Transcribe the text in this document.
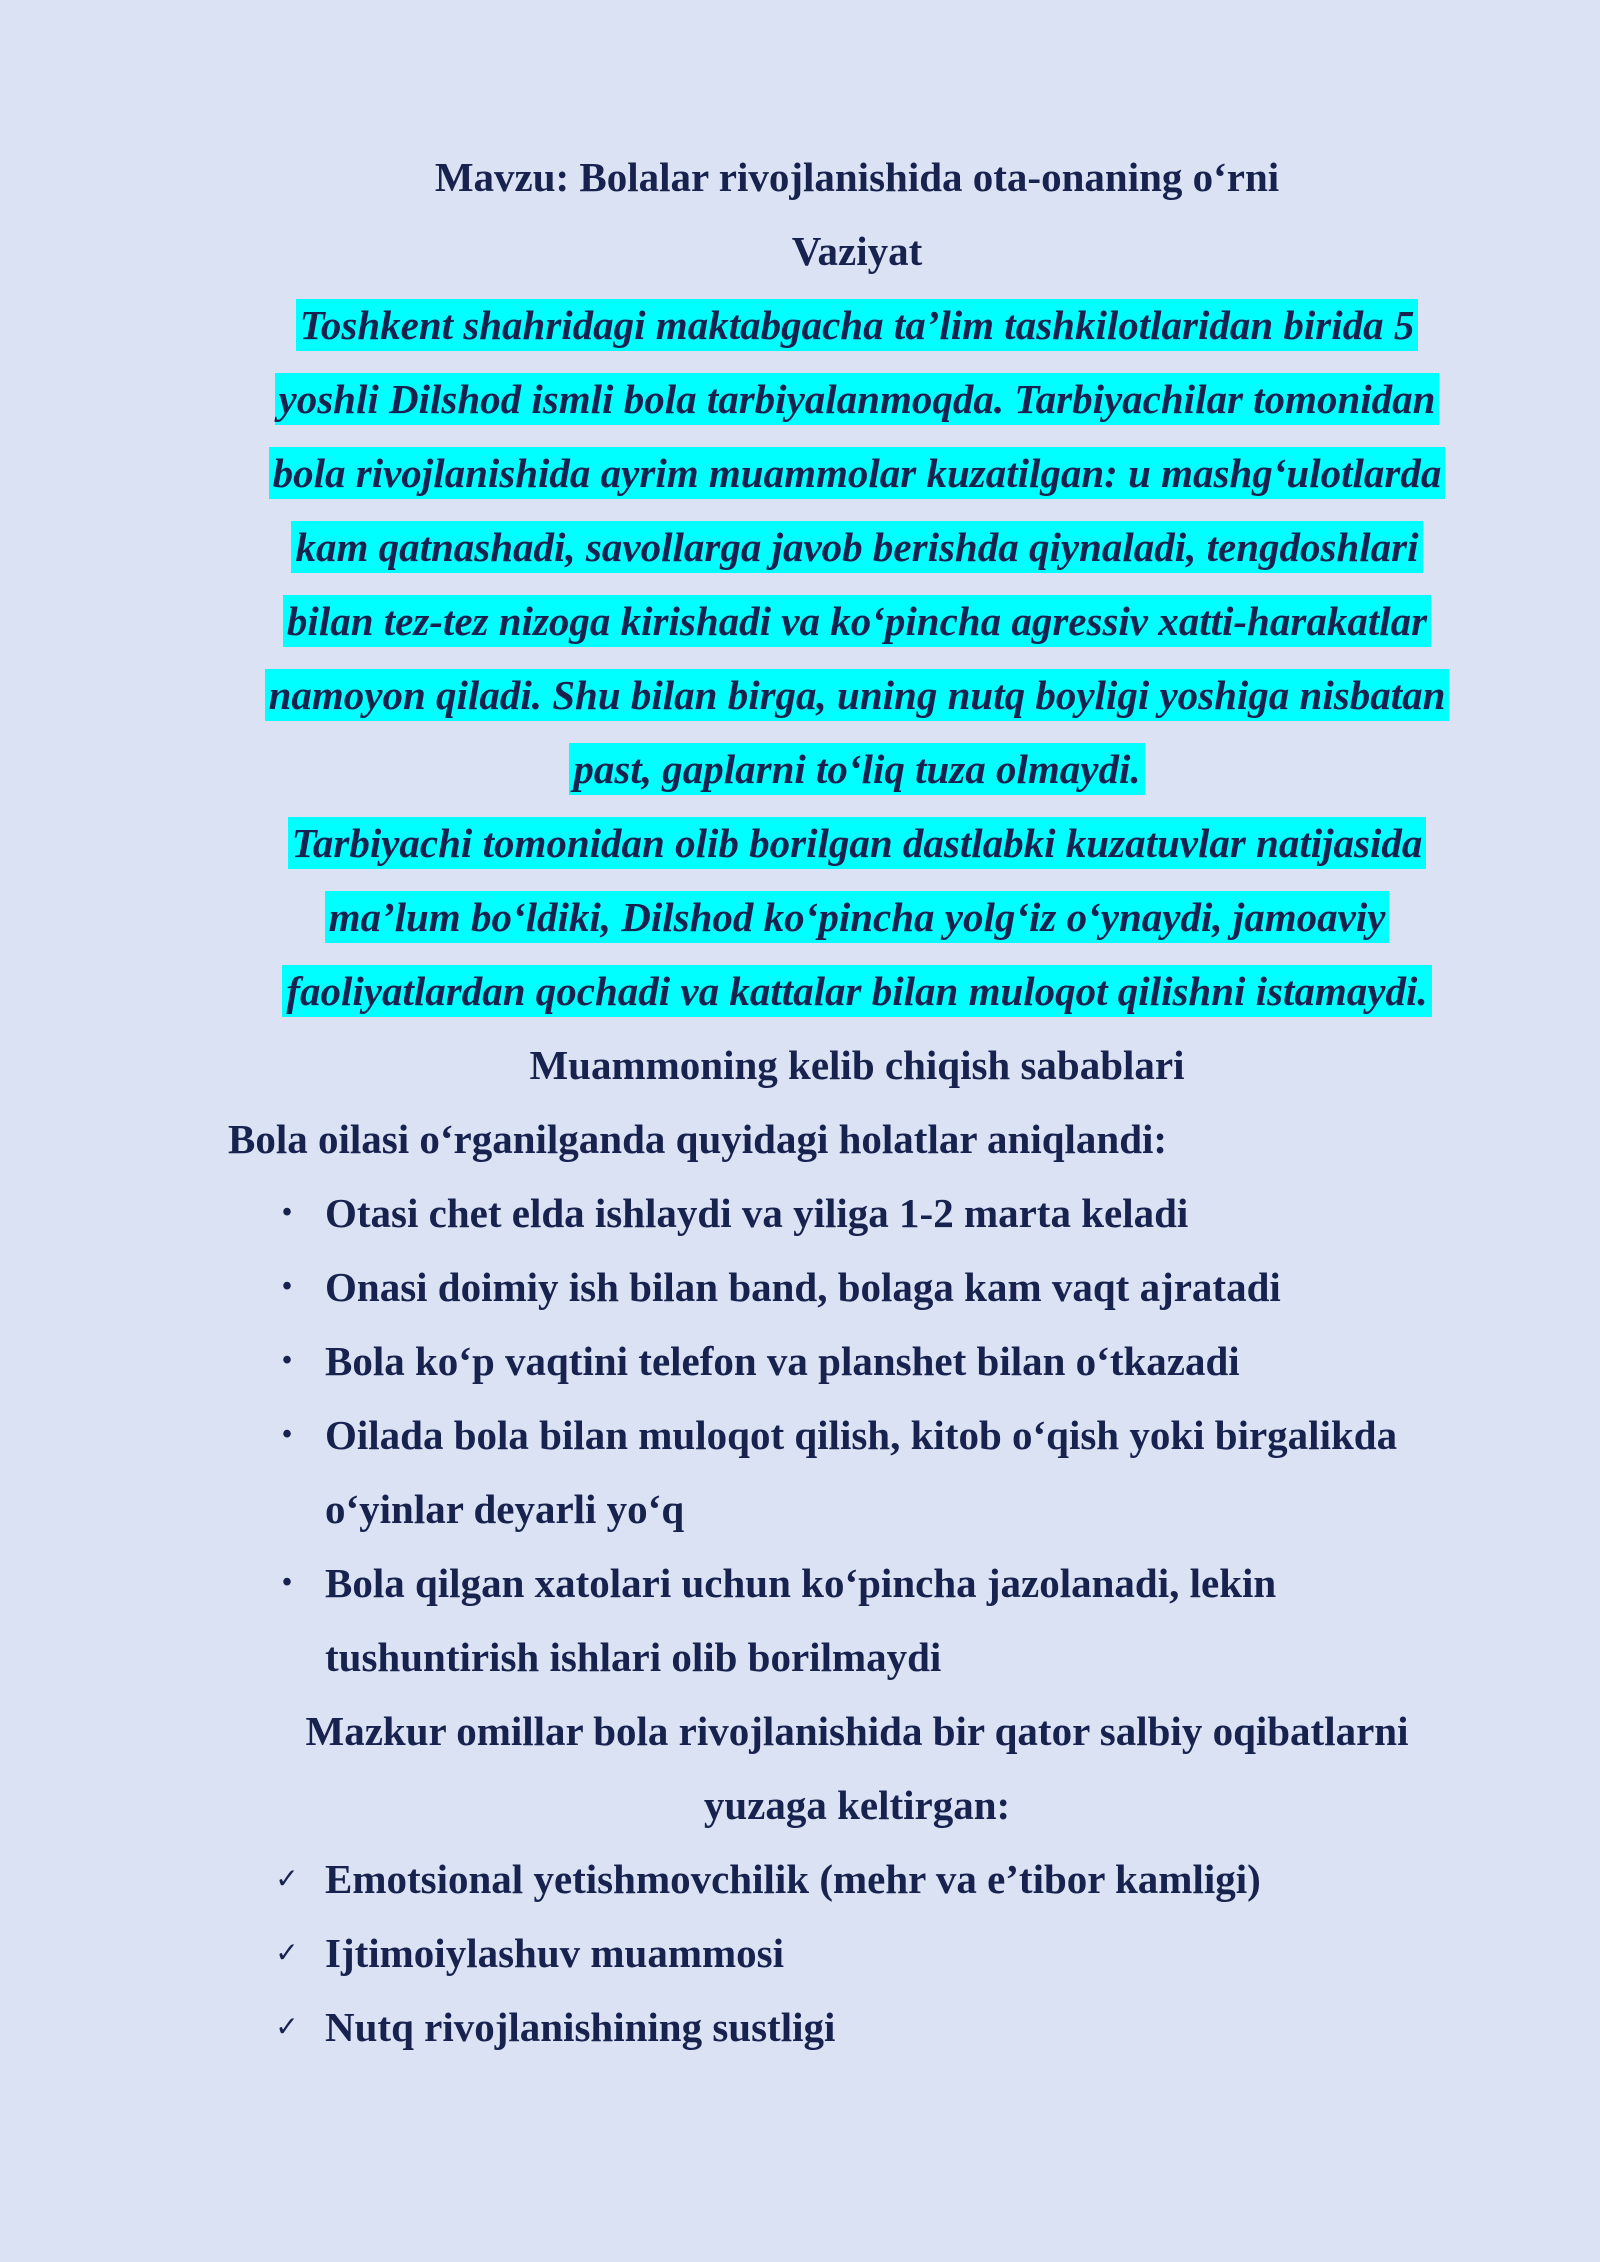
Mavzu: Bolalar rivojlanishida ota-onaning o‘rni
Vaziyat
Toshkent shahridagi maktabgacha ta’lim tashkilotlaridan birida 5
yoshli Dilshod ismli bola tarbiyalanmoqda. Tarbiyachilar tomonidan
bola rivojlanishida ayrim muammolar kuzatilgan: u mashg‘ulotlarda
kam qatnashadi, savollarga javob berishda qiynaladi, tengdoshlari
bilan tez-tez nizoga kirishadi va ko‘pincha agressiv xatti-harakatlar
namoyon qiladi. Shu bilan birga, uning nutq boyligi yoshiga nisbatan
past, gaplarni to‘liq tuza olmaydi.
Tarbiyachi tomonidan olib borilgan dastlabki kuzatuvlar natijasida
ma’lum bo‘ldiki, Dilshod ko‘pincha yolg‘iz o‘ynaydi, jamoaviy
faoliyatlardan qochadi va kattalar bilan muloqot qilishni istamaydi.
Muammoning kelib chiqish sabablari
Bola oilasi o‘rganilganda quyidagi holatlar aniqlandi:
• Otasi chet elda ishlaydi va yiliga 1-2 marta keladi
• Onasi doimiy ish bilan band, bolaga kam vaqt ajratadi
• Bola ko‘p vaqtini telefon va planshet bilan o‘tkazadi
• Oilada bola bilan muloqot qilish, kitob o‘qish yoki birgalikda
o‘yinlar deyarli yo‘q
• Bola qilgan xatolari uchun ko‘pincha jazolanadi, lekin
tushuntirish ishlari olib borilmaydi
Mazkur omillar bola rivojlanishida bir qator salbiy oqibatlarni
yuzaga keltirgan:
✓ Emotsional yetishmovchilik (mehr va e’tibor kamligi)
✓ Ijtimoiylashuv muammosi
✓ Nutq rivojlanishining sustligi
